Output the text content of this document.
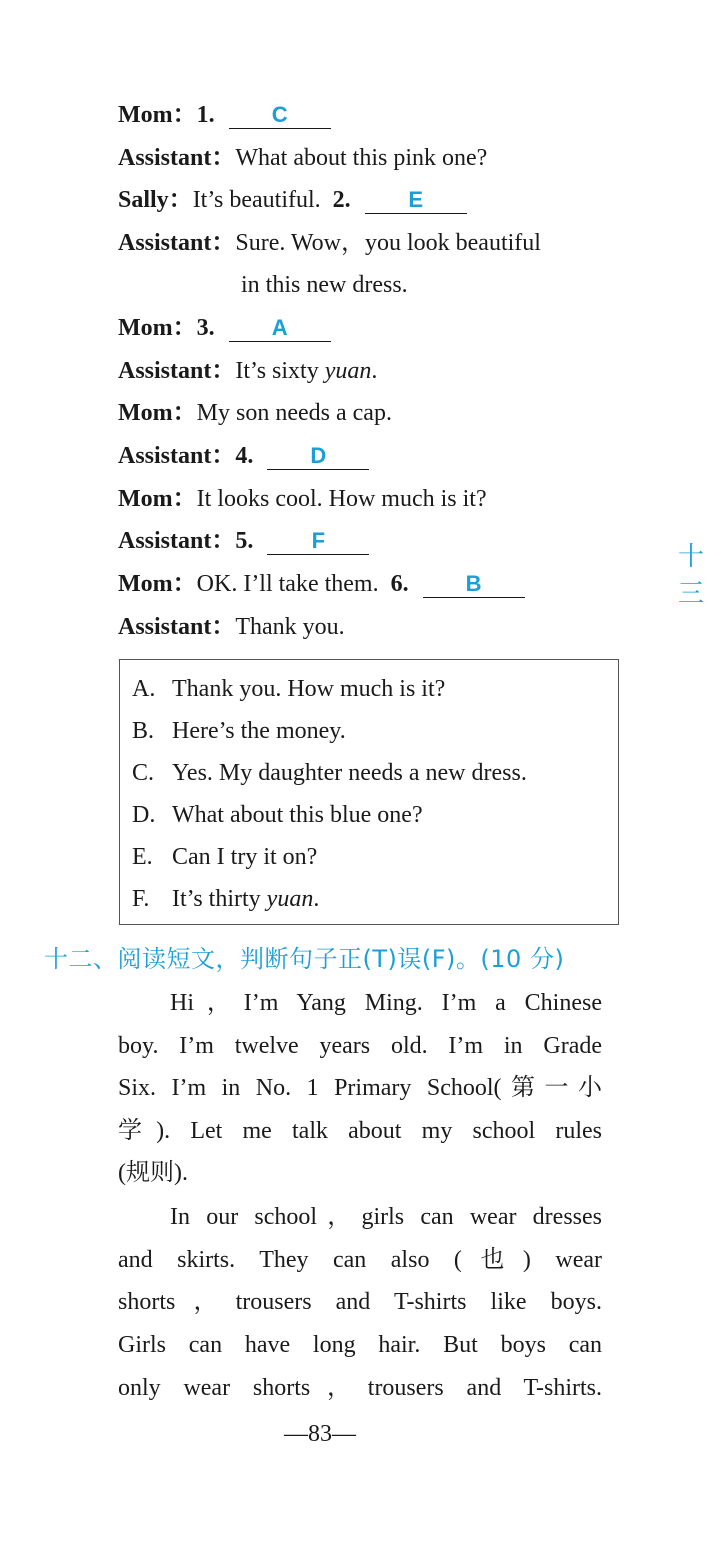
Mom：1.	C
Assistant：What about this pink one?
Sally：It’s beautiful. 2.	E
Assistant：Sure. Wow，you look beautiful
in this new dress.
Mom：3.	A
Assistant：It’s sixty yuan.
Mom：My son needs a cap.
Assistant：4.	D
Mom：It looks cool. How much is it?
Assistant：5.	F
Mom：OK. I’ll take them. 6.	B
Assistant：Thank you.
A. Thank you. How much is it?
B. Here’s the money.
C. Yes. My daughter needs a new dress.
D. What about this blue one?
E. Can I try it on?
F. It’s thirty yuan.
十三
十二、阅读短文，判断句子正(T)误(F)。(10 分)
Hi，I’m Yang Ming. I’m a Chinese
boy. I’m twelve years old. I’m in Grade
Six. I’m in No. 1 Primary School(第一小
学). Let me talk about my school rules
(规则).
In our school，girls can wear dresses
and skirts. They can also (也) wear
shorts，trousers and T-shirts like boys.
Girls can have long hair. But boys can
only wear shorts，trousers and T-shirts.
—83—
